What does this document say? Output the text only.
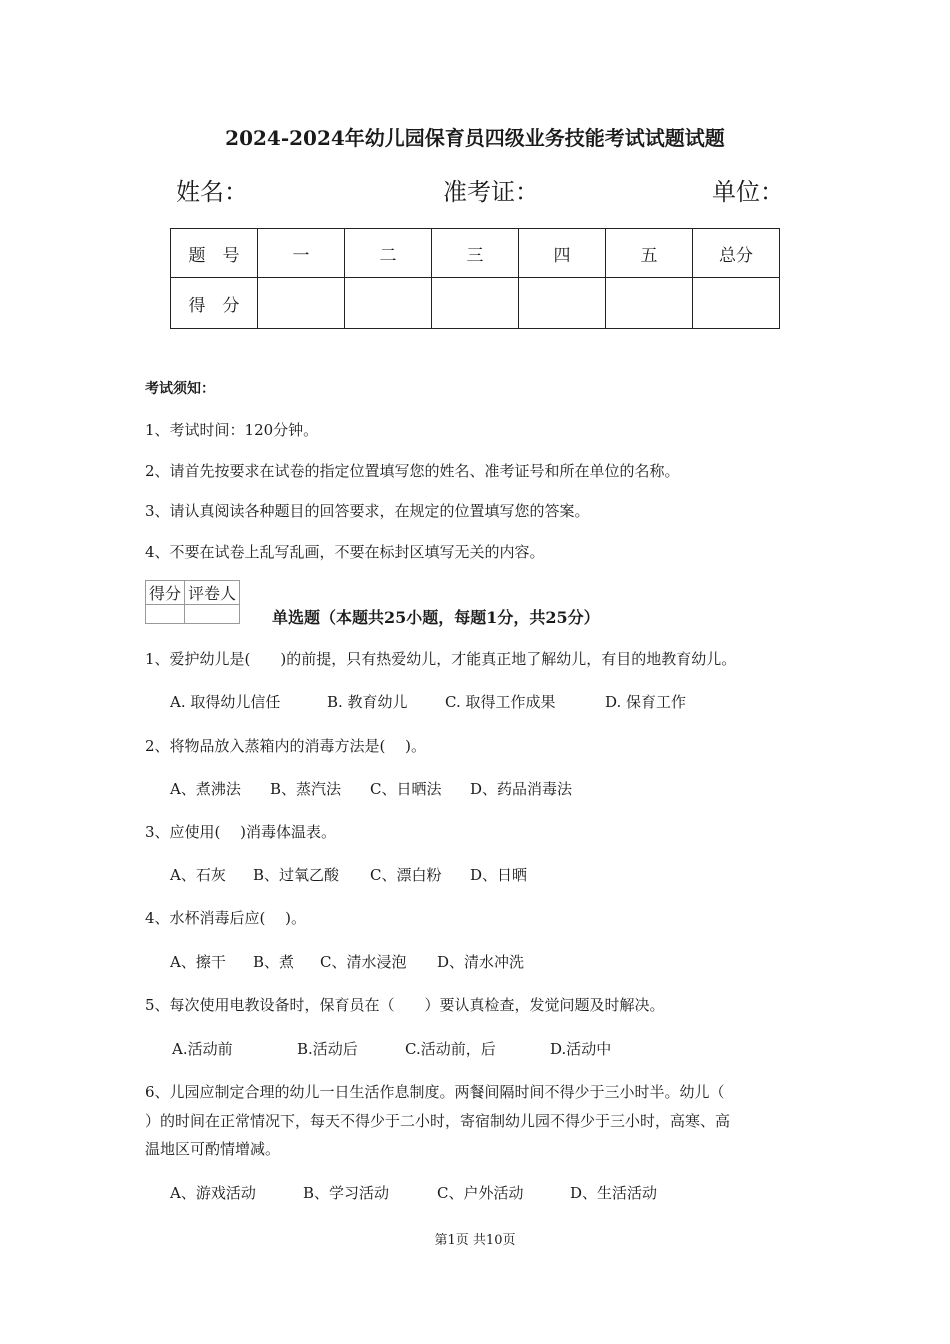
2024-2024年幼儿园保育员四级业务技能考试试题试题
姓名：	准考证：	单位：
题　号	一	二	三	四	五	总分
得　分						
考试须知：
1、考试时间：120分钟。
2、请首先按要求在试卷的指定位置填写您的姓名、准考证号和所在单位的名称。
3、请认真阅读各种题目的回答要求，在规定的位置填写您的答案。
4、不要在试卷上乱写乱画，不要在标封区填写无关的内容。
得分	评卷人

单选题（本题共25小题，每题1分，共25分）
1、爱护幼儿是(　　)的前提，只有热爱幼儿，才能真正地了解幼儿，有目的地教育幼儿。
A. 取得幼儿信任	B. 教育幼儿 C. 取得工作成果	D. 保育工作
2、将物品放入蒸箱内的消毒方法是(　 )。
A、煮沸法 B、蒸汽法 C、日晒法 D、药品消毒法
3、应使用(　 )消毒体温表。
A、石灰 B、过氧乙酸 C、漂白粉 D、日晒
4、水杯消毒后应(　 )。
A、擦干 B、煮 C、清水浸泡 D、清水冲洗
5、每次使用电教设备时，保育员在（　　）要认真检查，发觉问题及时解决。
A.活动前	B.活动后	C.活动前，后	D.活动中
6、儿园应制定合理的幼儿一日生活作息制度。两餐间隔时间不得少于三小时半。幼儿（
）的时间在正常情况下，每天不得少于二小时，寄宿制幼儿园不得少于三小时，高寒、高
温地区可酌情增减。
A、游戏活动	B、学习活动	C、户外活动	D、生活活动
第1页 共10页
